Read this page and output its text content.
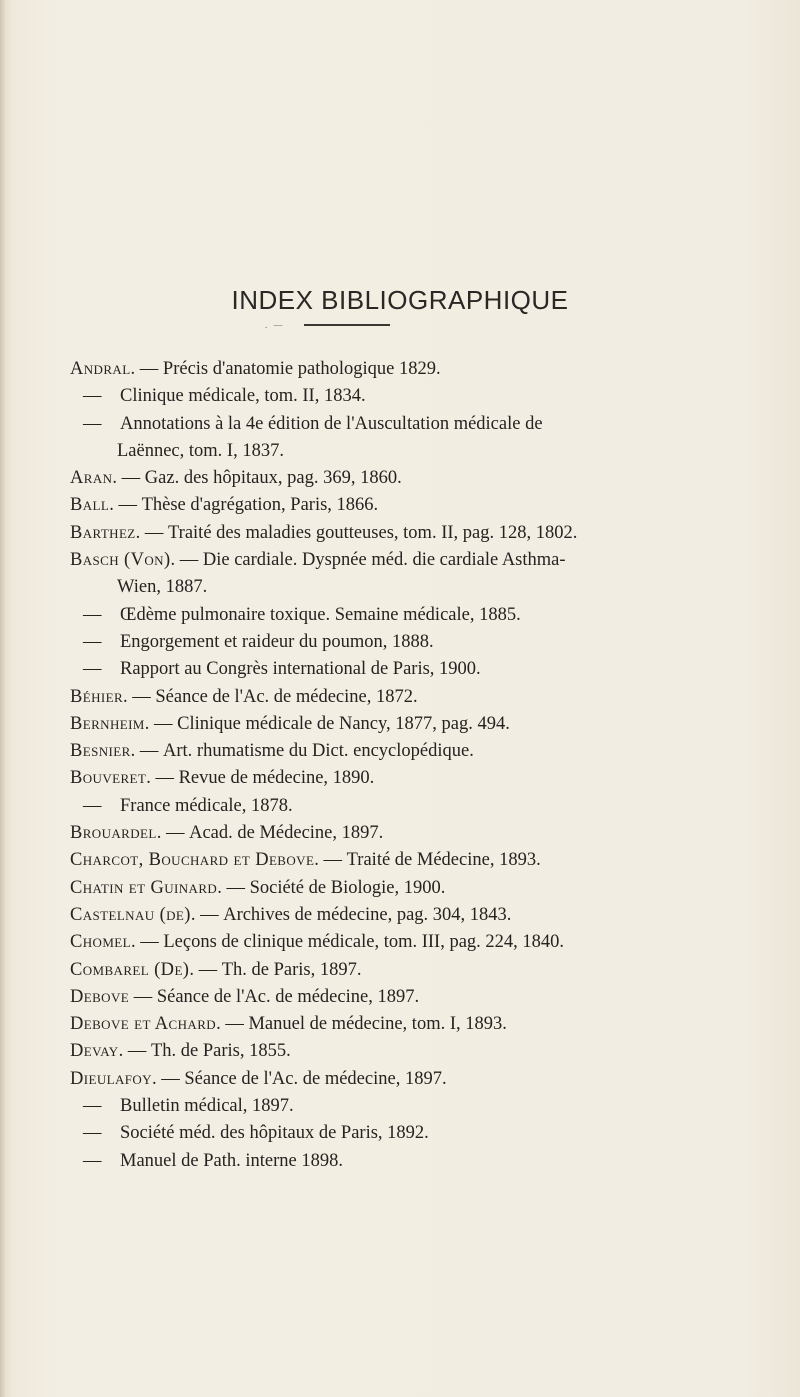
INDEX BIBLIOGRAPHIQUE
. —
Andral. — Précis d'anatomie pathologique 1829.
—    Clinique médicale, tom. II, 1834.
—    Annotations à la 4e édition de l'Auscultation médicale de
Laënnec, tom. I, 1837.
Aran. — Gaz. des hôpitaux, pag. 369, 1860.
Ball. — Thèse d'agrégation, Paris, 1866.
Barthez. — Traité des maladies goutteuses, tom. II, pag. 128, 1802.
Basch (Von). — Die cardiale. Dyspnée méd. die cardiale Asthma-
Wien, 1887.
—    Œdème pulmonaire toxique. Semaine médicale, 1885.
—    Engorgement et raideur du poumon, 1888.
—    Rapport au Congrès international de Paris, 1900.
Béhier. — Séance de l'Ac. de médecine, 1872.
Bernheim. — Clinique médicale de Nancy, 1877, pag. 494.
Besnier. — Art. rhumatisme du Dict. encyclopédique.
Bouveret. — Revue de médecine, 1890.
—    France médicale, 1878.
Brouardel. — Acad. de Médecine, 1897.
Charcot, Bouchard et Debove. — Traité de Médecine, 1893.
Chatin et Guinard. — Société de Biologie, 1900.
Castelnau (de). — Archives de médecine, pag. 304, 1843.
Chomel. — Leçons de clinique médicale, tom. III, pag. 224, 1840.
Combarel (De). — Th. de Paris, 1897.
Debove — Séance de l'Ac. de médecine, 1897.
Debove et Achard. — Manuel de médecine, tom. I, 1893.
Devay. — Th. de Paris, 1855.
Dieulafoy. — Séance de l'Ac. de médecine, 1897.
—    Bulletin médical, 1897.
—    Société méd. des hôpitaux de Paris, 1892.
—    Manuel de Path. interne 1898.
